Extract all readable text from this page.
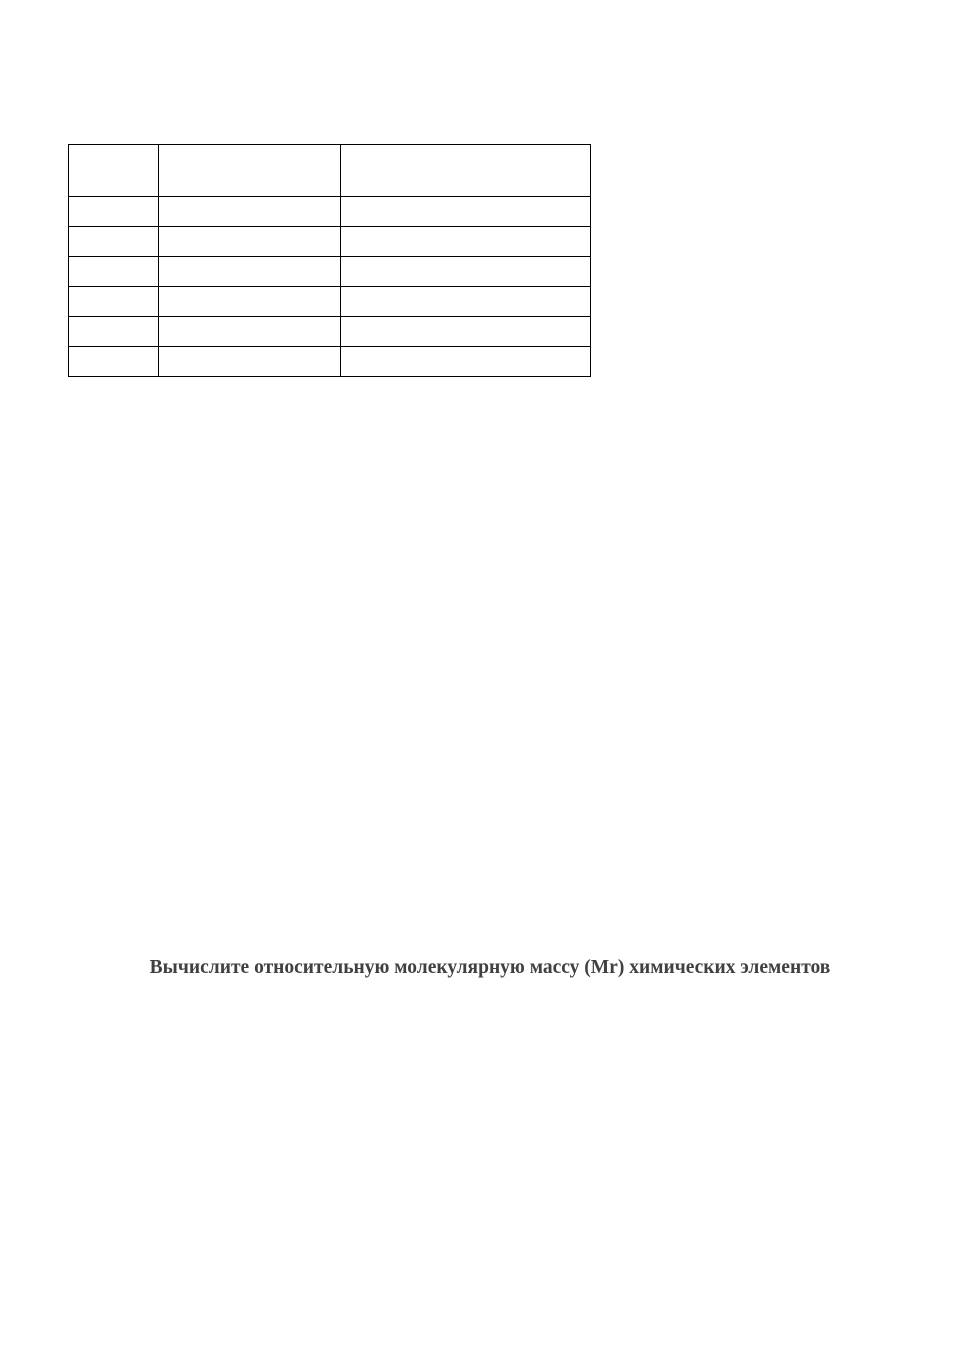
Вычислите относительную молекулярную массу (Mr) химических элементов
